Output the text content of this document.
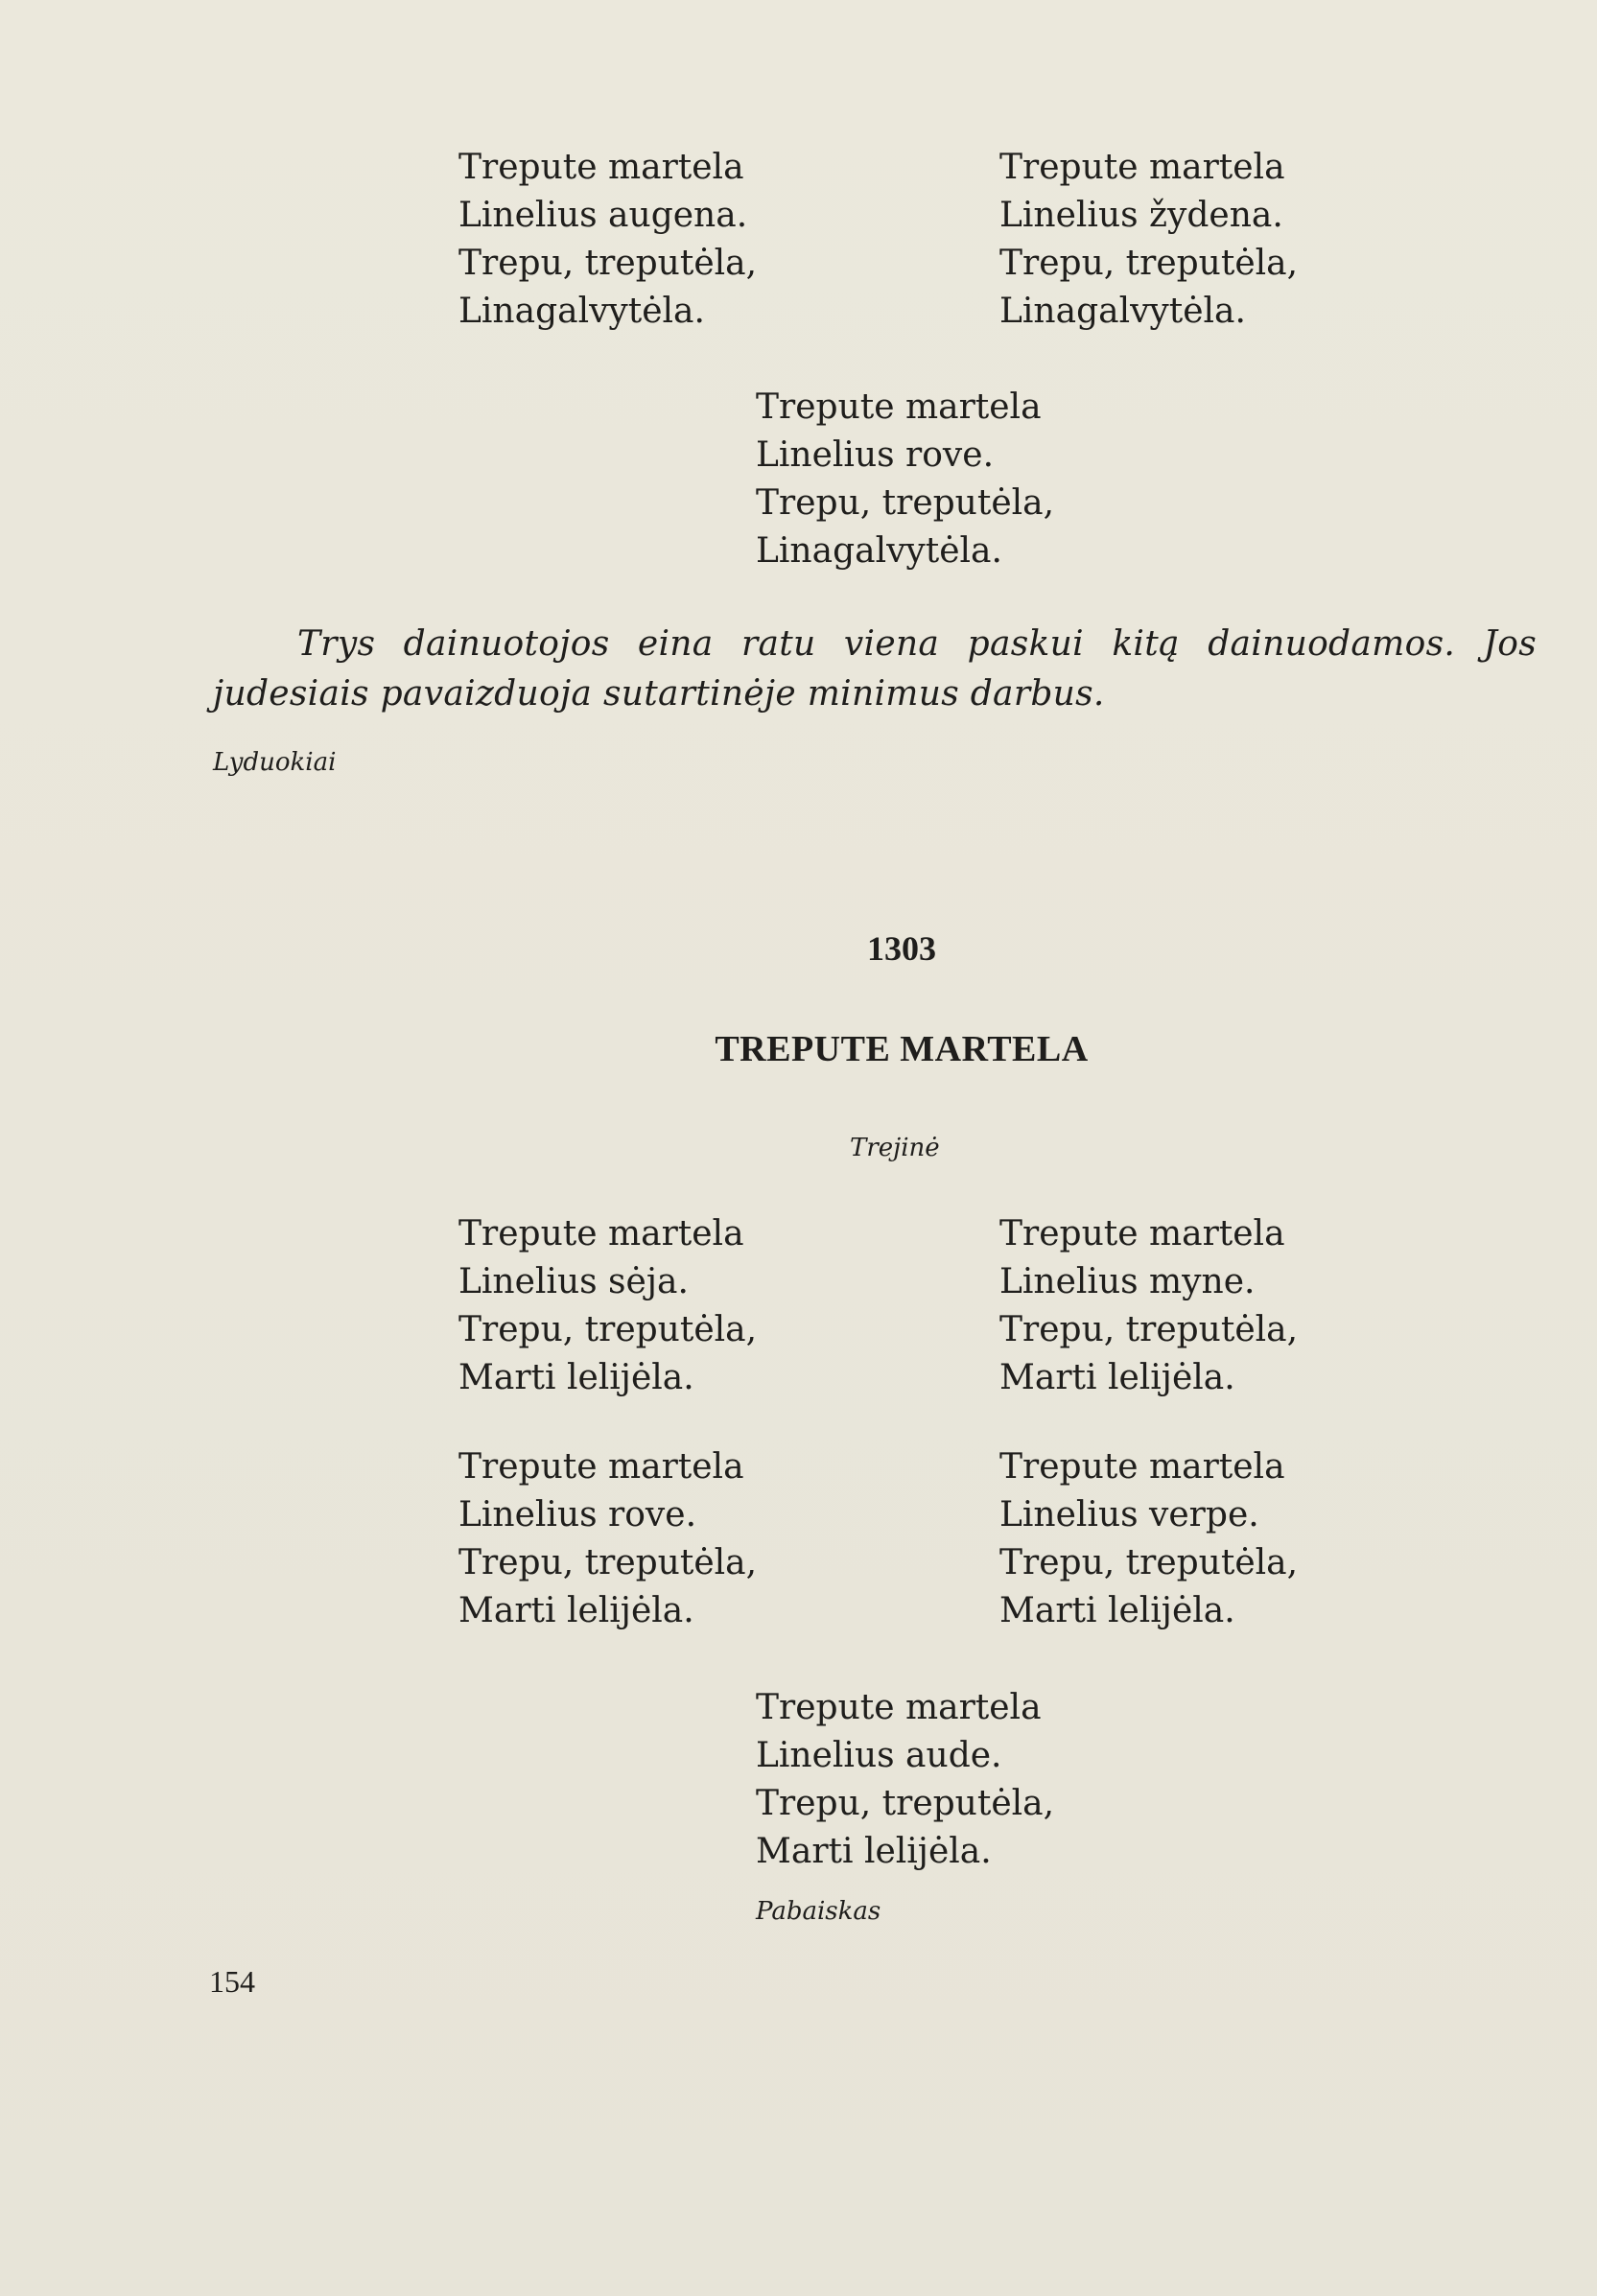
Trepute martela
Linelius augena.
Trepu, treputėla,
Linagalvytėla.
Trepute martela
Linelius žydena.
Trepu, treputėla,
Linagalvytėla.
Trepute martela
Linelius rove.
Trepu, treputėla,
Linagalvytėla.
Trys dainuotojos eina ratu viena paskui kitą dainuodamos. Jos judesiais pavaizduoja sutartinėje minimus darbus.
Lyduokiai
1303
TREPUTE MARTELA
Trejinė
Trepute martela
Linelius sėja.
Trepu, treputėla,
Marti lelijėla.
Trepute martela
Linelius myne.
Trepu, treputėla,
Marti lelijėla.
Trepute martela
Linelius rove.
Trepu, treputėla,
Marti lelijėla.
Trepute martela
Linelius verpe.
Trepu, treputėla,
Marti lelijėla.
Trepute martela
Linelius aude.
Trepu, treputėla,
Marti lelijėla.
Pabaiskas
154
